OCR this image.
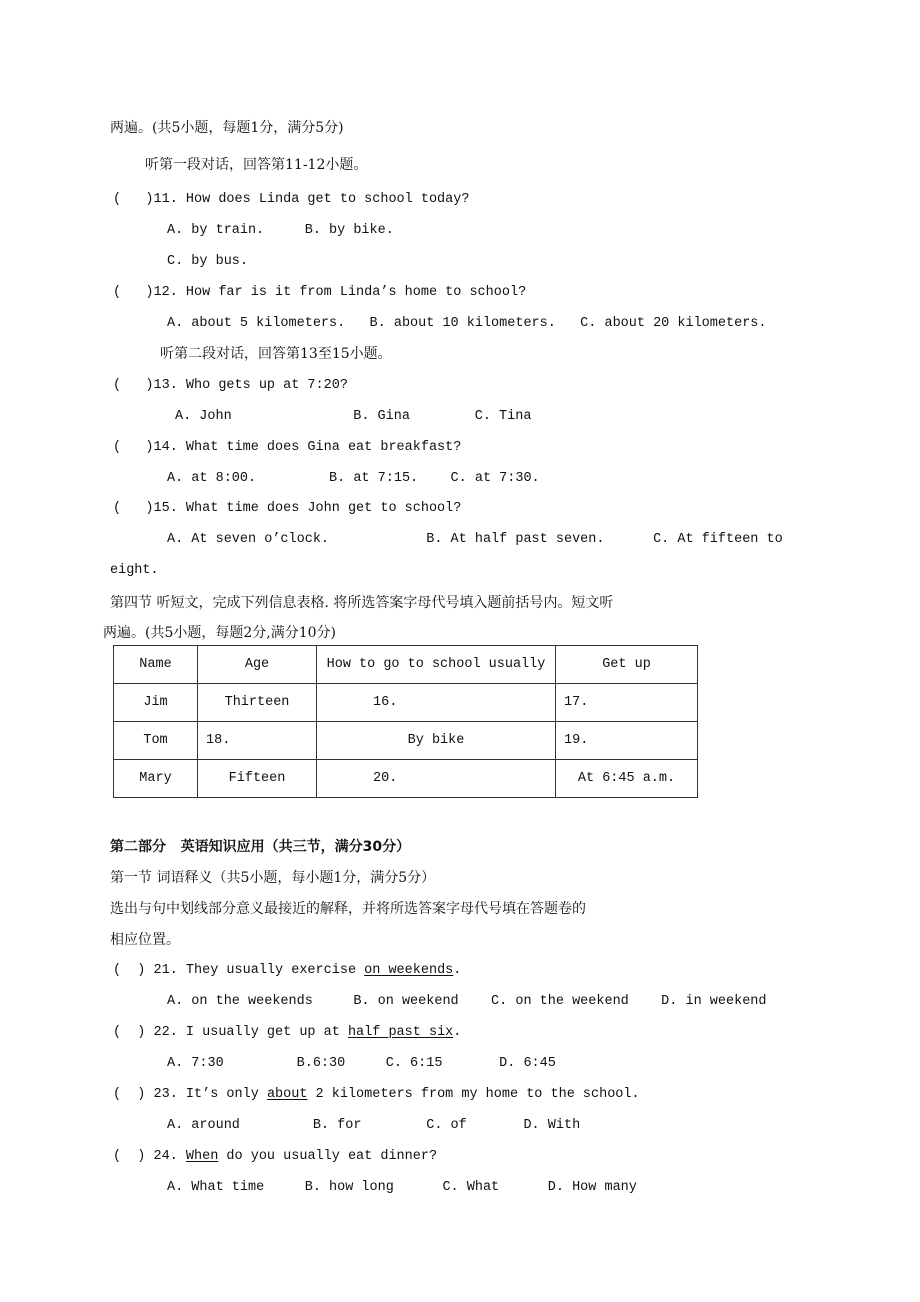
两遍。(共5小题，每题1分，满分5分)
听第一段对话，回答第11-12小题。
(   )11. How does Linda get to school today?
A. by train.     B. by bike.
C. by bus.
(   )12. How far is it from Linda’s home to school?
A. about 5 kilometers.   B. about 10 kilometers.   C. about 20 kilometers.
听第二段对话，回答第13至15小题。
(   )13. Who gets up at 7:20?
A. John               B. Gina        C. Tina
(   )14. What time does Gina eat breakfast?
A. at 8:00.         B. at 7:15.    C. at 7:30.
(   )15. What time does John get to school?
A. At seven o’clock.            B. At half past seven.      C. At fifteen to
eight.
第四节 听短文，完成下列信息表格. 将所选答案字母代号填入题前括号内。短文听
两遍。(共5小题，每题2分,满分10分)
Name	Age	How to go to school usually	Get up
Jim	Thirteen	16.	17.
Tom	18.	By bike	19.
Mary	Fifteen	20.	At 6:45 a.m.
第二部分   英语知识应用（共三节，满分30分）
第一节 词语释义（共5小题，每小题1分，满分5分）
选出与句中划线部分意义最接近的解释，并将所选答案字母代号填在答题卷的
相应位置。
(  ) 21. They usually exercise on weekends.
A. on the weekends     B. on weekend    C. on the weekend    D. in weekend
(  ) 22. I usually get up at half past six.
A. 7:30         B.6:30     C. 6:15       D. 6:45
(  ) 23. It’s only about 2 kilometers from my home to the school.
A. around         B. for        C. of       D. With
(  ) 24. When do you usually eat dinner?
A. What time     B. how long      C. What      D. How many
